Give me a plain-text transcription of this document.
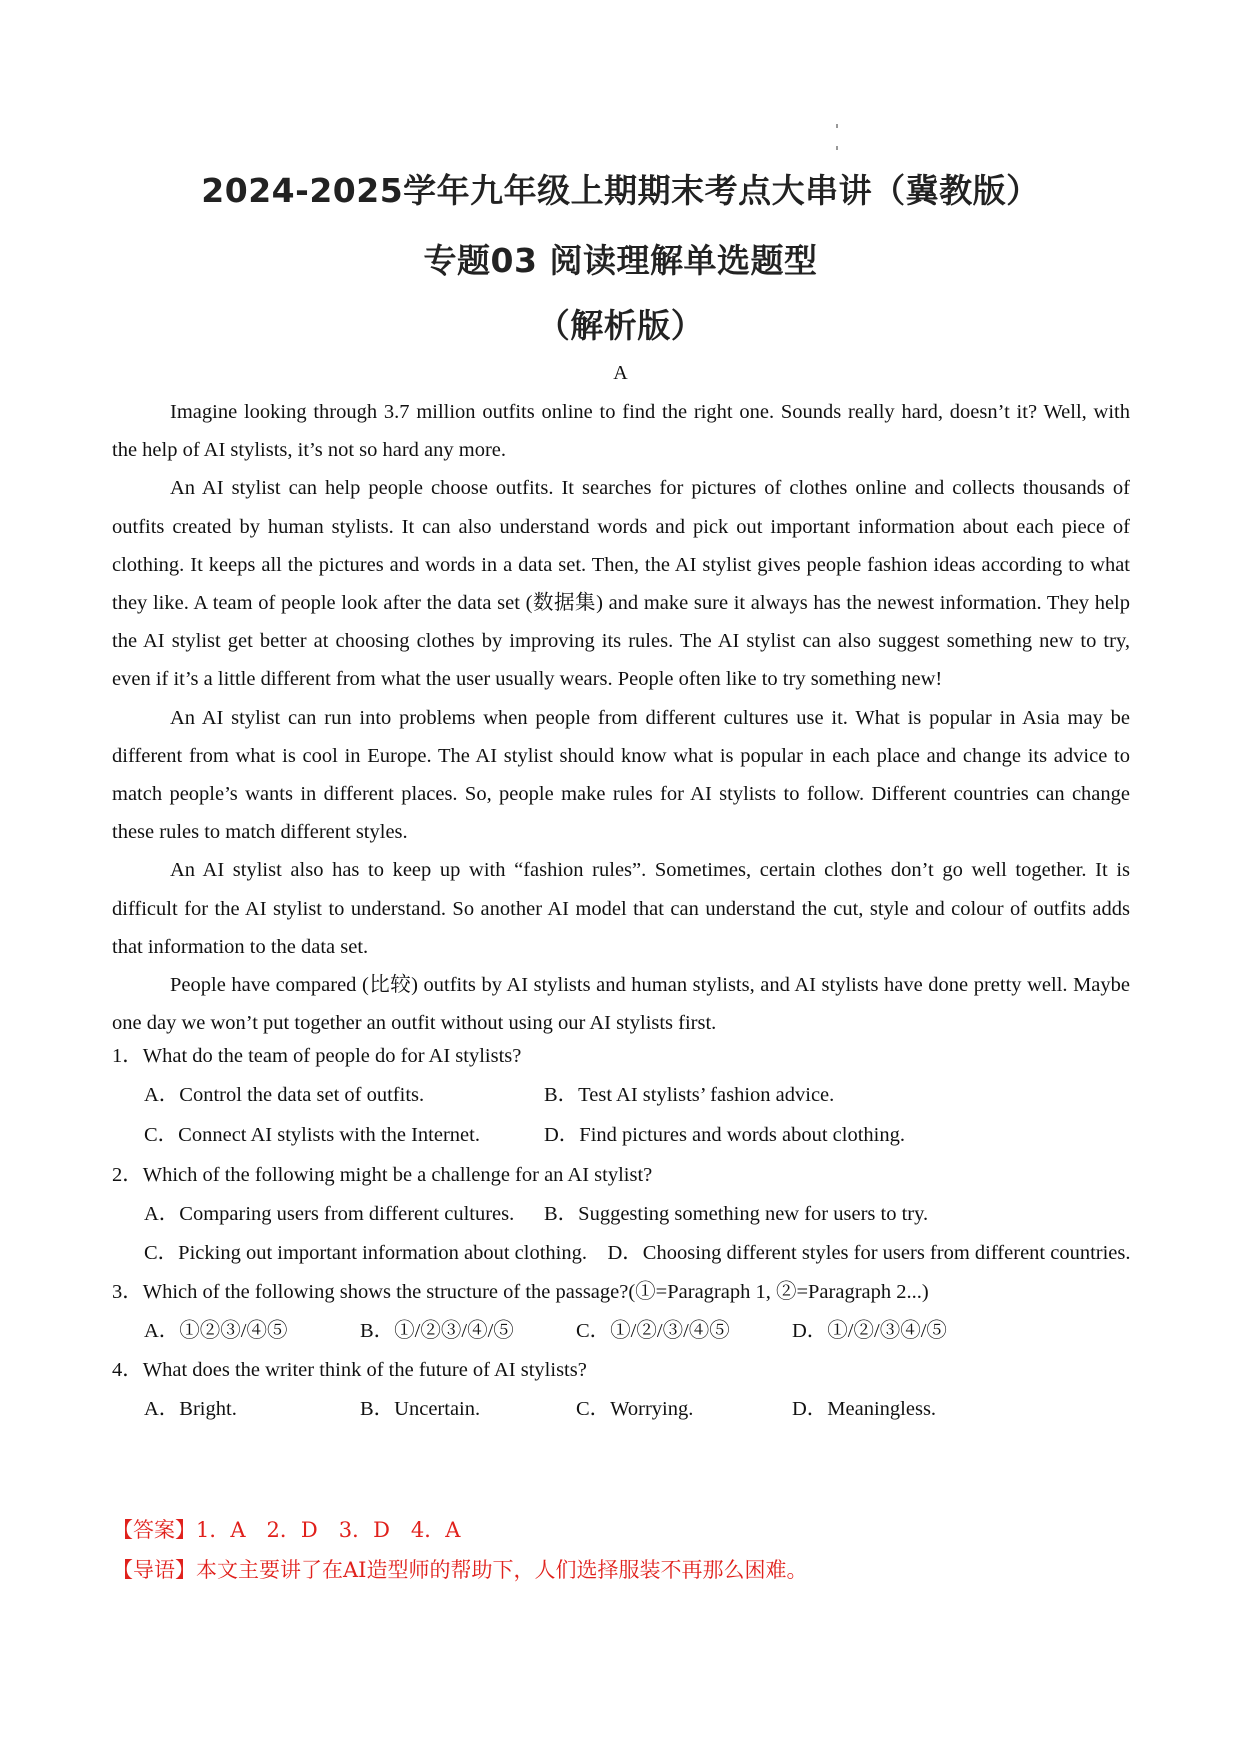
2024-2025学年九年级上期期末考点大串讲（冀教版）
专题03 阅读理解单选题型
（解析版）
A

Imagine looking through 3.7 million outfits online to find the right one. Sounds really hard, doesn’t it? Well, with the help of AI stylists, it’s not so hard any more.

An AI stylist can help people choose outfits. It searches for pictures of clothes online and collects thousands of outfits created by human stylists. It can also understand words and pick out important information about each piece of clothing. It keeps all the pictures and words in a data set. Then, the AI stylist gives people fashion ideas according to what they like. A team of people look after the data set (数据集) and make sure it always has the newest information. They help the AI stylist get better at choosing clothes by improving its rules. The AI stylist can also suggest something new to try, even if it’s a little different from what the user usually wears. People often like to try something new!

An AI stylist can run into problems when people from different cultures use it. What is popular in Asia may be different from what is cool in Europe. The AI stylist should know what is popular in each place and change its advice to match people’s wants in different places. So, people make rules for AI stylists to follow. Different countries can change these rules to match different styles.

An AI stylist also has to keep up with “fashion rules”. Sometimes, certain clothes don’t go well together. It is difficult for the AI stylist to understand. So another AI model that can understand the cut, style and colour of outfits adds that information to the data set.

People have compared (比较) outfits by AI stylists and human stylists, and AI stylists have done pretty well. Maybe one day we won’t put together an outfit without using our AI stylists first.

1．What do the team of people do for AI stylists?

A．Control the data set of outfits.	B．Test AI stylists’ fashion advice.
C．Connect AI stylists with the Internet.	D．Find pictures and words about clothing.

2．Which of the following might be a challenge for an AI stylist?

A．Comparing users from different cultures.	B．Suggesting something new for users to try.

C．Picking out important information about clothing.　D．Choosing different styles for users from different countries.

3．Which of the following shows the structure of the passage?(①=Paragraph 1, ②=Paragraph 2...)

A．①②③/④⑤	B．①/②③/④/⑤	C．①/②/③/④⑤	D．①/②/③④/⑤

4．What does the writer think of the future of AI stylists?

A．Bright.	B．Uncertain.	C．Worrying.	D．Meaningless.
【答案】1．A　2．D　3．D　4．A
【导语】本文主要讲了在AI造型师的帮助下，人们选择服装不再那么困难。
